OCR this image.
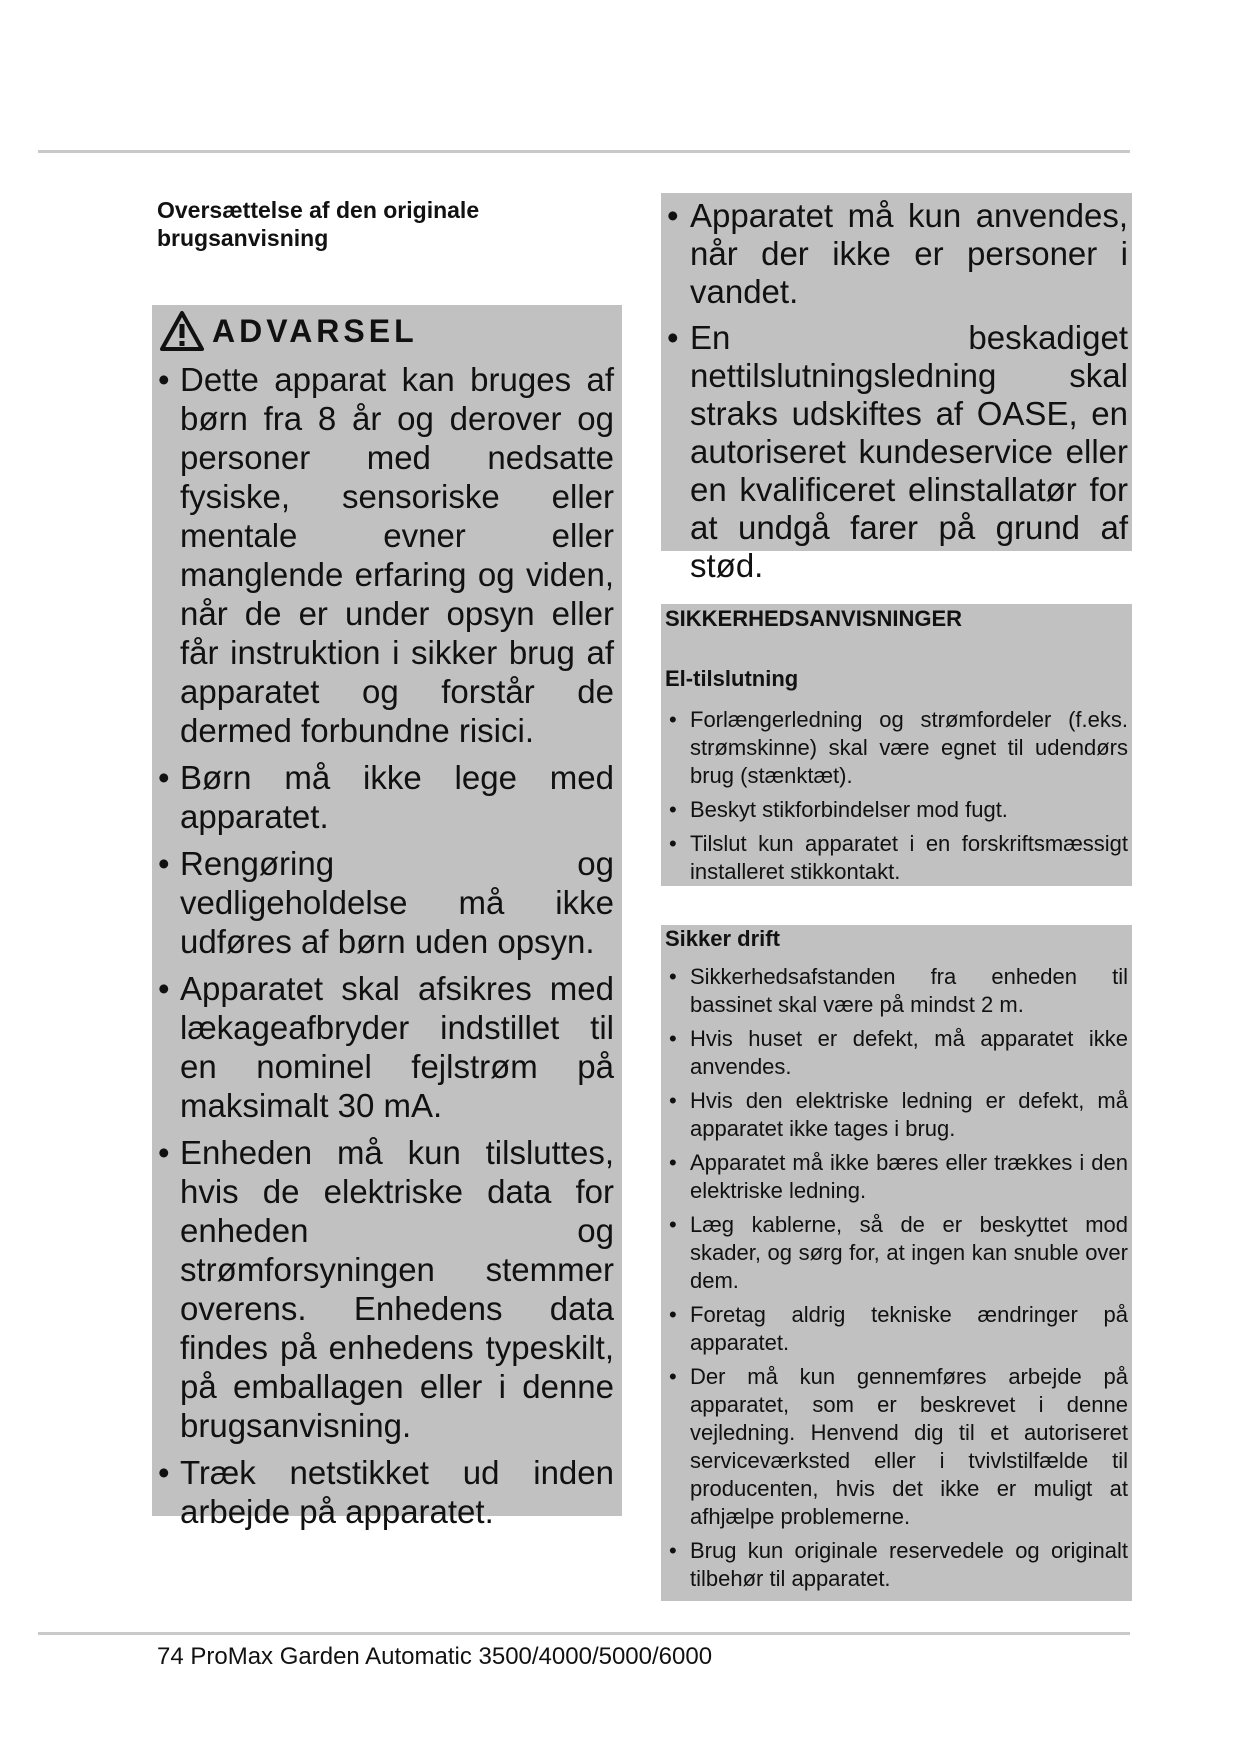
Oversættelse af den originale brugsanvisning
ADVARSEL
• Dette apparat kan bruges af børn fra 8 år og derover og personer med nedsatte fysiske, sensoriske eller mentale evner eller manglende erfaring og viden, når de er under opsyn eller får instruktion i sikker brug af apparatet og forstår de dermed forbundne risici.
• Børn må ikke lege med apparatet.
• Rengøring og vedligeholdelse må ikke udføres af børn uden opsyn.
• Apparatet skal afsikres med lækageafbryder indstillet til en nominel fejlstrøm på maksimalt 30 mA.
• Enheden må kun tilsluttes, hvis de elektriske data for enheden og strømforsyningen stemmer overens. Enhedens data findes på enhedens typeskilt, på emballagen eller i denne brugsanvisning.
• Træk netstikket ud inden arbejde på apparatet.
• Apparatet må kun anvendes, når der ikke er personer i vandet.
• En beskadiget nettilslutningsledning skal straks udskiftes af OASE, en autoriseret kundeservice eller en kvalificeret elinstallatør for at undgå farer på grund af stød.
SIKKERHEDSANVISNINGER
El-tilslutning
• Forlængerledning og strømfordeler (f.eks. strømskinne) skal være egnet til udendørs brug (stænktæt).
• Beskyt stikforbindelser mod fugt.
• Tilslut kun apparatet i en forskriftsmæssigt installeret stikkontakt.
Sikker drift
• Sikkerhedsafstanden fra enheden til bassinet skal være på mindst 2 m.
• Hvis huset er defekt, må apparatet ikke anvendes.
• Hvis den elektriske ledning er defekt, må apparatet ikke tages i brug.
• Apparatet må ikke bæres eller trækkes i den elektriske ledning.
• Læg kablerne, så de er beskyttet mod skader, og sørg for, at ingen kan snuble over dem.
• Foretag aldrig tekniske ændringer på apparatet.
• Der må kun gennemføres arbejde på apparatet, som er beskrevet i denne vejledning. Henvend dig til et autoriseret serviceværksted eller i tvivlstilfælde til producenten, hvis det ikke er muligt at afhjælpe problemerne.
• Brug kun originale reservedele og originalt tilbehør til apparatet.
74 ProMax Garden Automatic 3500/4000/5000/6000
